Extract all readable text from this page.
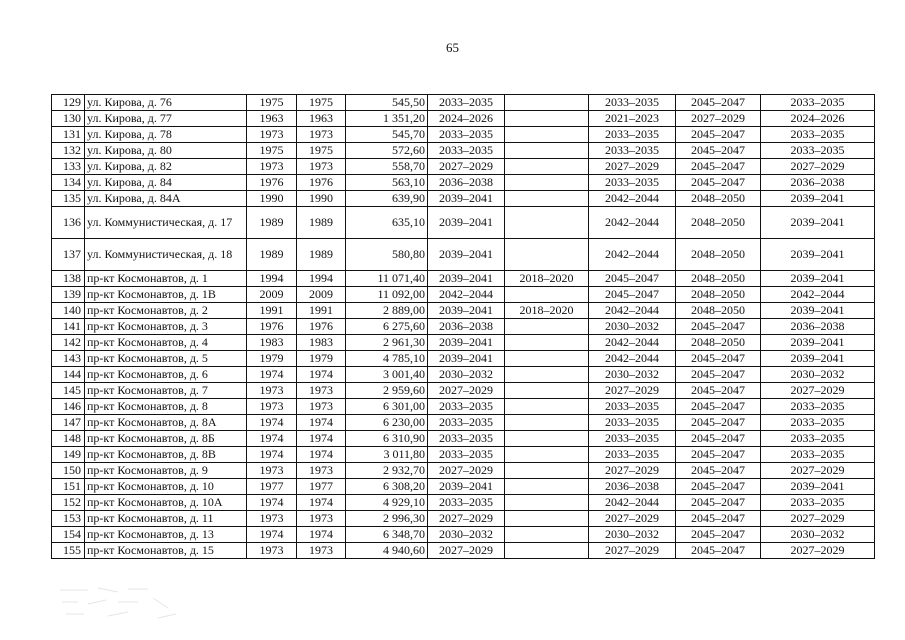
65
129	ул. Кирова, д. 76	1975	1975	545,50	2033–2035		2033–2035	2045–2047	2033–2035
130	ул. Кирова, д. 77	1963	1963	1 351,20	2024–2026		2021–2023	2027–2029	2024–2026
131	ул. Кирова, д. 78	1973	1973	545,70	2033–2035		2033–2035	2045–2047	2033–2035
132	ул. Кирова, д. 80	1975	1975	572,60	2033–2035		2033–2035	2045–2047	2033–2035
133	ул. Кирова, д. 82	1973	1973	558,70	2027–2029		2027–2029	2045–2047	2027–2029
134	ул. Кирова, д. 84	1976	1976	563,10	2036–2038		2033–2035	2045–2047	2036–2038
135	ул. Кирова, д. 84А	1990	1990	639,90	2039–2041		2042–2044	2048–2050	2039–2041
136	ул. Коммунистическая, д. 17	1989	1989	635,10	2039–2041		2042–2044	2048–2050	2039–2041
137	ул. Коммунистическая, д. 18	1989	1989	580,80	2039–2041		2042–2044	2048–2050	2039–2041
138	пр-кт Космонавтов, д. 1	1994	1994	11 071,40	2039–2041	2018–2020	2045–2047	2048–2050	2039–2041
139	пр-кт Космонавтов, д. 1В	2009	2009	11 092,00	2042–2044		2045–2047	2048–2050	2042–2044
140	пр-кт Космонавтов, д. 2	1991	1991	2 889,00	2039–2041	2018–2020	2042–2044	2048–2050	2039–2041
141	пр-кт Космонавтов, д. 3	1976	1976	6 275,60	2036–2038		2030–2032	2045–2047	2036–2038
142	пр-кт Космонавтов, д. 4	1983	1983	2 961,30	2039–2041		2042–2044	2048–2050	2039–2041
143	пр-кт Космонавтов, д. 5	1979	1979	4 785,10	2039–2041		2042–2044	2045–2047	2039–2041
144	пр-кт Космонавтов, д. 6	1974	1974	3 001,40	2030–2032		2030–2032	2045–2047	2030–2032
145	пр-кт Космонавтов, д. 7	1973	1973	2 959,60	2027–2029		2027–2029	2045–2047	2027–2029
146	пр-кт Космонавтов, д. 8	1973	1973	6 301,00	2033–2035		2033–2035	2045–2047	2033–2035
147	пр-кт Космонавтов, д. 8А	1974	1974	6 230,00	2033–2035		2033–2035	2045–2047	2033–2035
148	пр-кт Космонавтов, д. 8Б	1974	1974	6 310,90	2033–2035		2033–2035	2045–2047	2033–2035
149	пр-кт Космонавтов, д. 8В	1974	1974	3 011,80	2033–2035		2033–2035	2045–2047	2033–2035
150	пр-кт Космонавтов, д. 9	1973	1973	2 932,70	2027–2029		2027–2029	2045–2047	2027–2029
151	пр-кт Космонавтов, д. 10	1977	1977	6 308,20	2039–2041		2036–2038	2045–2047	2039–2041
152	пр-кт Космонавтов, д. 10А	1974	1974	4 929,10	2033–2035		2042–2044	2045–2047	2033–2035
153	пр-кт Космонавтов, д. 11	1973	1973	2 996,30	2027–2029		2027–2029	2045–2047	2027–2029
154	пр-кт Космонавтов, д. 13	1974	1974	6 348,70	2030–2032		2030–2032	2045–2047	2030–2032
155	пр-кт Космонавтов, д. 15	1973	1973	4 940,60	2027–2029		2027–2029	2045–2047	2027–2029
